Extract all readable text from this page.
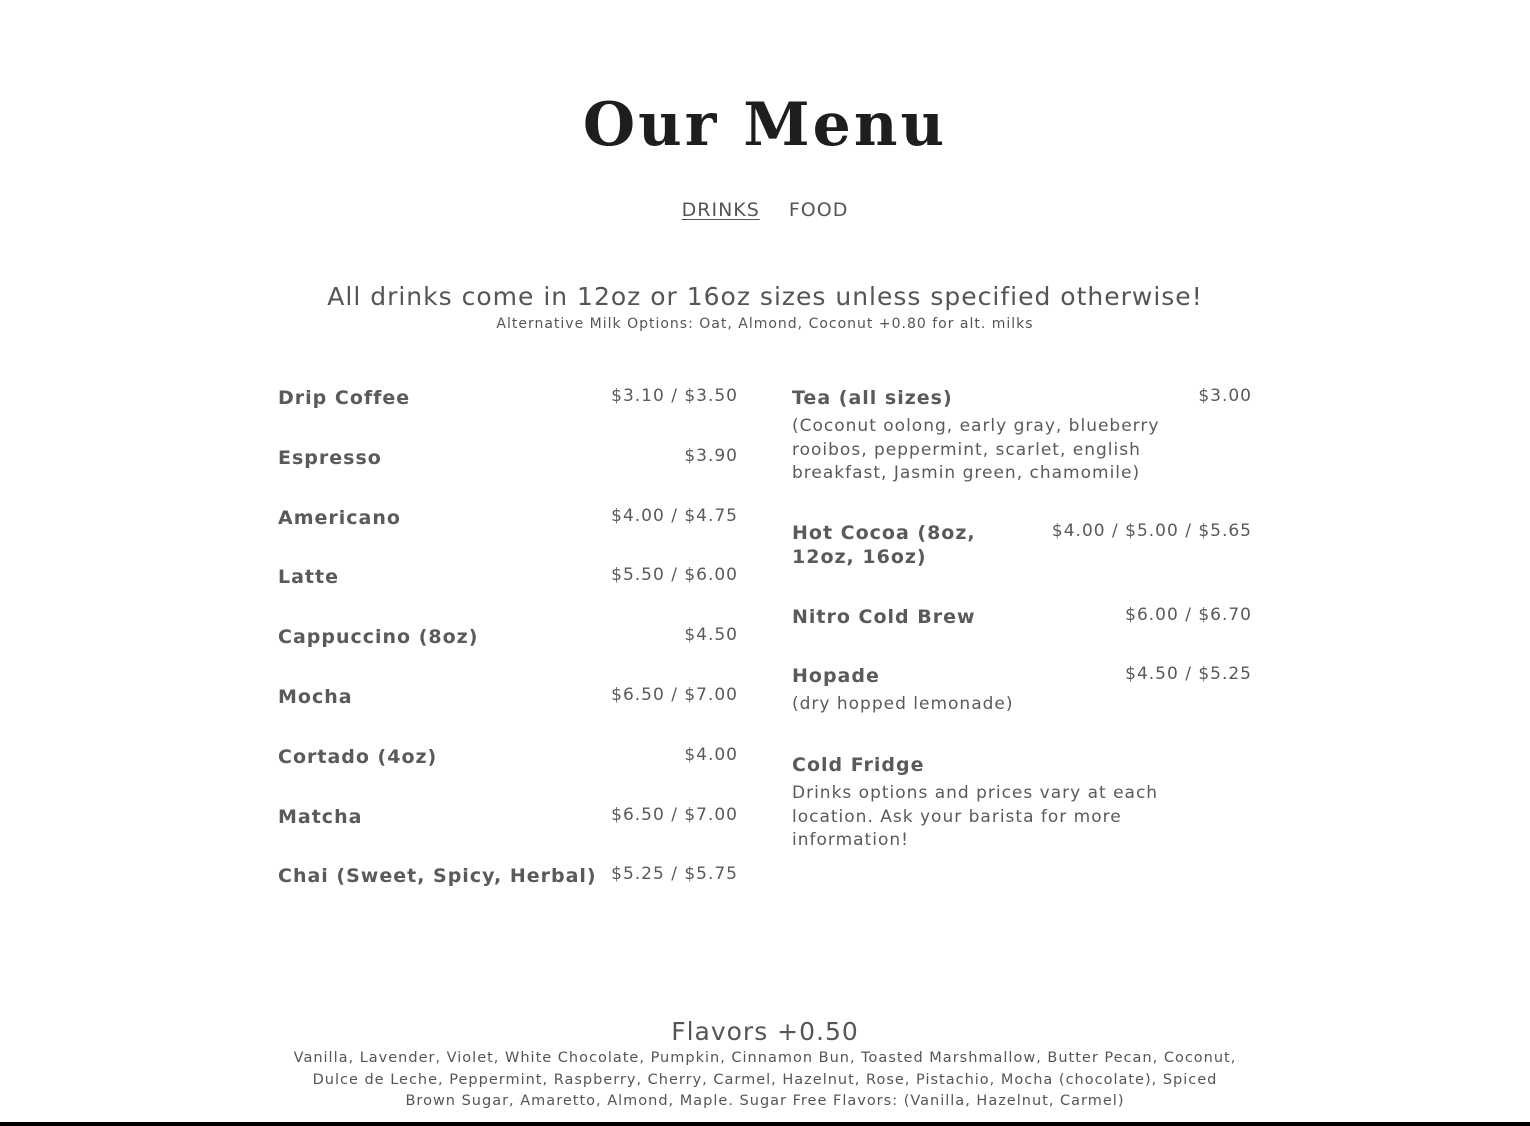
Our Menu
DRINKS FOOD
All drinks come in 12oz or 16oz sizes unless specified otherwise!
Alternative Milk Options: Oat, Almond, Coconut +0.80 for alt. milks
Drip Coffee	$3.10 / $3.50
Espresso	$3.90
Americano	$4.00 / $4.75
Latte	$5.50 / $6.00
Cappuccino (8oz)	$4.50
Mocha	$6.50 / $7.00
Cortado (4oz)	$4.00
Matcha	$6.50 / $7.00
Chai (Sweet, Spicy, Herbal) $5.25 / $5.75
Tea (all sizes)	$3.00
(Coconut oolong, early gray, blueberry rooibos, peppermint, scarlet, english breakfast, Jasmin green, chamomile)
Hot Cocoa (8oz, 12oz, 16oz)
$4.00 / $5.00 / $5.65
Nitro Cold Brew	$6.00 / $6.70
Hopade	$4.50 / $5.25
(dry hopped lemonade)
Cold Fridge
Drinks options and prices vary at each location. Ask your barista for more information!
Flavors +0.50
Vanilla, Lavender, Violet, White Chocolate, Pumpkin, Cinnamon Bun, Toasted Marshmallow, Butter Pecan, Coconut, Dulce de Leche, Peppermint, Raspberry, Cherry, Carmel, Hazelnut, Rose, Pistachio, Mocha (chocolate), Spiced Brown Sugar, Amaretto, Almond, Maple. Sugar Free Flavors: (Vanilla, Hazelnut, Carmel)
